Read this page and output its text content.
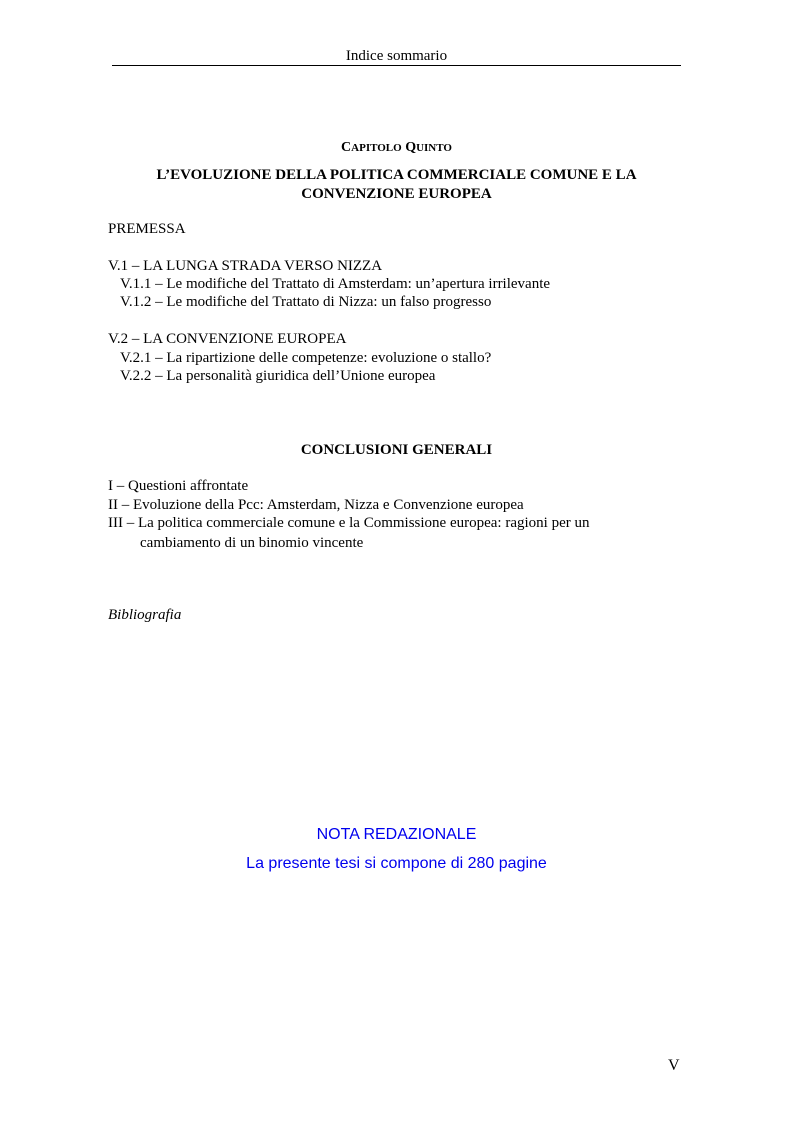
Indice sommario
CAPITOLO QUINTO
L’EVOLUZIONE DELLA POLITICA COMMERCIALE COMUNE E LA
CONVENZIONE EUROPEA
PREMESSA
V.1 – LA LUNGA STRADA VERSO NIZZA
V.1.1 – Le modifiche del Trattato di Amsterdam: un’apertura irrilevante
V.1.2 – Le modifiche del Trattato di Nizza: un falso progresso
V.2 – LA CONVENZIONE EUROPEA
V.2.1 – La ripartizione delle competenze: evoluzione o stallo?
V.2.2 – La personalità giuridica dell’Unione europea
CONCLUSIONI GENERALI
I – Questioni affrontate
II – Evoluzione della Pcc: Amsterdam, Nizza e Convenzione europea
III – La politica commerciale comune e la Commissione europea: ragioni per un
cambiamento di un binomio vincente
Bibliografia
NOTA REDAZIONALE
La presente tesi si compone di 280 pagine
V
